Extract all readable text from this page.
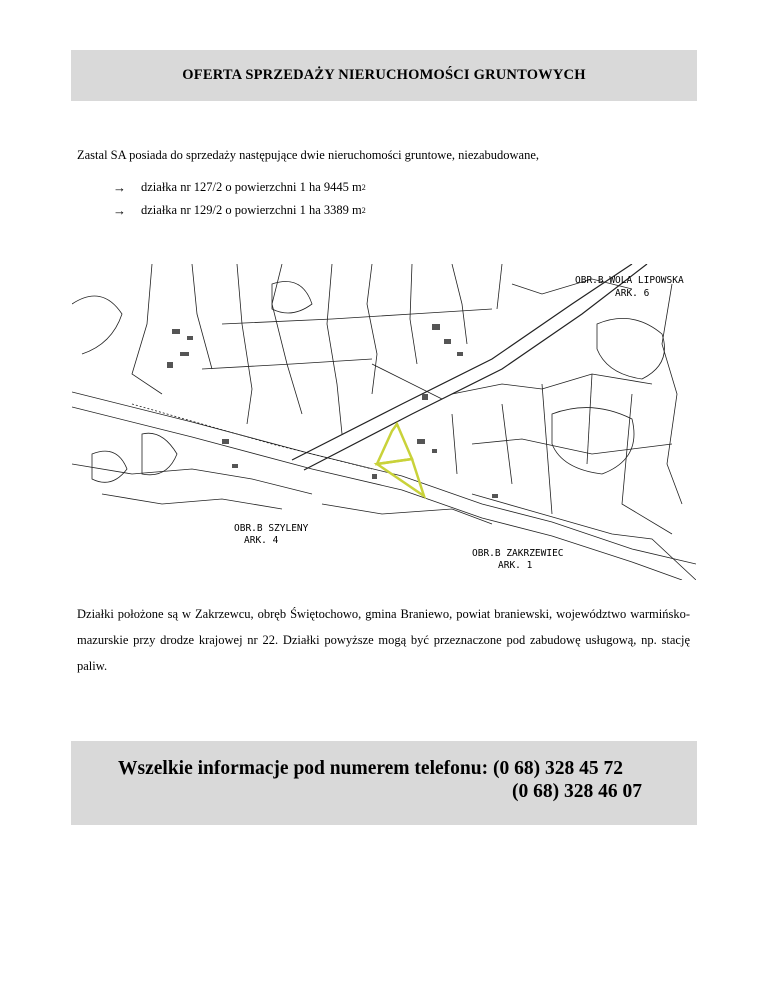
OFERTA SPRZEDAŻY NIERUCHOMOŚCI GRUNTOWYCH
Zastal SA posiada do sprzedaży następujące dwie nieruchomości gruntowe, niezabudowane,
→	działka nr 127/2 o powierzchni 1 ha 9445 m 2
→	działka nr 129/2 o powierzchni 1 ha 3389 m 2
OBR.B WOLA LIPOWSKA
ARK. 6
OBR.B SZYLENY
ARK. 4
OBR.B ZAKRZEWIEC
ARK. 1
Działki położone są w Zakrzewcu, obręb Świętochowo, gmina Braniewo, powiat braniewski, województwo warmińsko-mazurskie przy drodze krajowej nr 22. Działki powyższe mogą być przeznaczone pod zabudowę usługową, np. stację paliw.
Wszelkie informacje pod numerem telefonu: (0 68) 328 45 72
(0 68) 328 46 07
